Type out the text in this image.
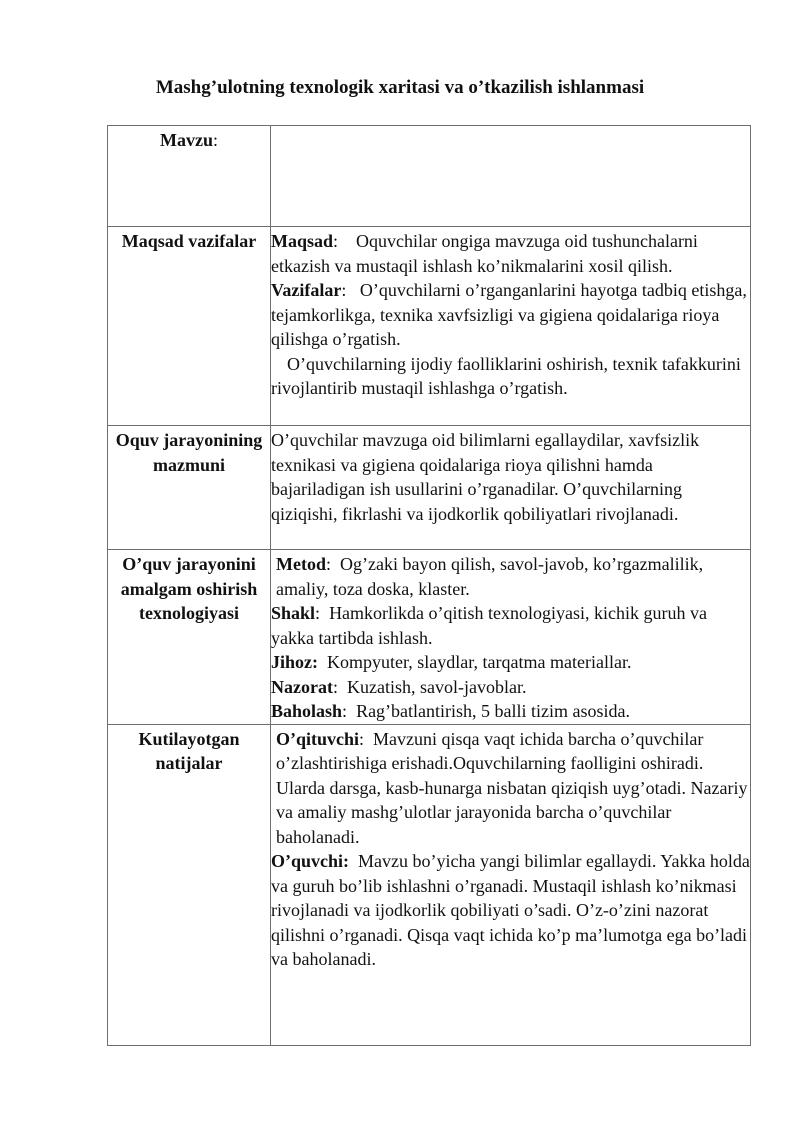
Mashg’ulotning texnologik xaritasi va o’tkazilish ishlanmasi
Mavzu:	

Maqsad vazifalar	Maqsad: Oquvchilar ongiga mavzuga oid tushunchalarni etkazish va mustaqil ishlash ko’nikmalarini xosil qilish.

Vazifalar: O’quvchilarni o’rganganlarini hayotga tadbiq etishga, tejamkorlikga, texnika xavfsizligi va gigiena qoidalariga rioya qilishga o’rgatish.

O’quvchilarning ijodiy faolliklarini oshirish, texnik tafakkurini rivojlantirib mustaqil ishlashga o’rgatish.

Oquv jarayonining mazmuni	O’quvchilar mavzuga oid bilimlarni egallaydilar, xavfsizlik texnikasi va gigiena qoidalariga rioya qilishni hamda bajariladigan ish usullarini o’rganadilar. O’quvchilarning qiziqishi, fikrlashi va ijodkorlik qobiliyatlari rivojlanadi.

O’quv jarayonini amalgam oshirish texnologiyasi	Metod: Og’zaki bayon qilish, savol-javob, ko’rgazmalilik, amaliy, toza doska, klaster.

Shakl: Hamkorlikda o’qitish texnologiyasi, kichik guruh va yakka tartibda ishlash.

Jihoz: Kompyuter, slaydlar, tarqatma materiallar.

Nazorat: Kuzatish, savol-javoblar.

Baholash: Rag’batlantirish, 5 balli tizim asosida.

Kutilayotgan natijalar	O’qituvchi: Mavzuni qisqa vaqt ichida barcha o’quvchilar o’zlashtirishiga erishadi.Oquvchilarning faolligini oshiradi. Ularda darsga, kasb-hunarga nisbatan qiziqish uyg’otadi. Nazariy va amaliy mashg’ulotlar jarayonida barcha o’quvchilar baholanadi.

O’quvchi: Mavzu bo’yicha yangi bilimlar egallaydi. Yakka holda va guruh bo’lib ishlashni o’rganadi. Mustaqil ishlash ko’nikmasi rivojlanadi va ijodkorlik qobiliyati o’sadi. O’z-o’zini nazorat qilishni o’rganadi. Qisqa vaqt ichida ko’p ma’lumotga ega bo’ladi va baholanadi.
